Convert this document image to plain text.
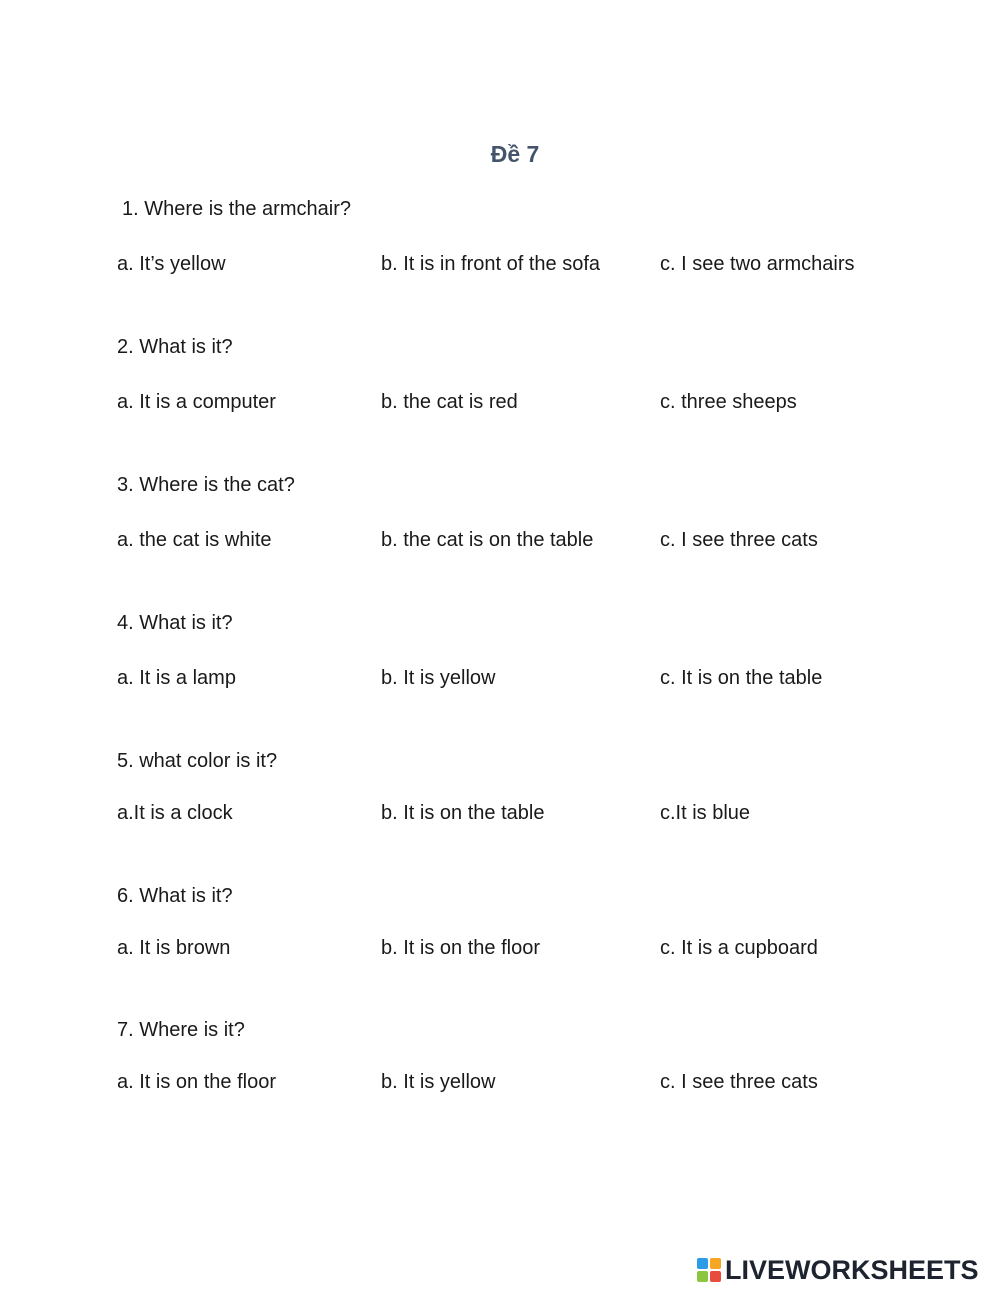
Đề 7
1. Where is the armchair?
a. It’s yellow	b. It is in front of the sofa	c. I see two armchairs
2. What is it?
a. It is a computer	b. the cat is red	c. three sheeps
3. Where is the cat?
a. the cat is white	b. the cat is on the table	c. I see three cats
4. What is it?
a. It is a lamp	b. It is yellow	c. It is on the table
5. what color is it?
a.It is a clock	b. It is on the table	c.It is blue
6. What is it?
a. It is brown	b. It is on the floor	c. It is a cupboard
7. Where is it?
a. It is on the floor	b. It is yellow	c. I see three cats
LIVEWORKSHEETS
